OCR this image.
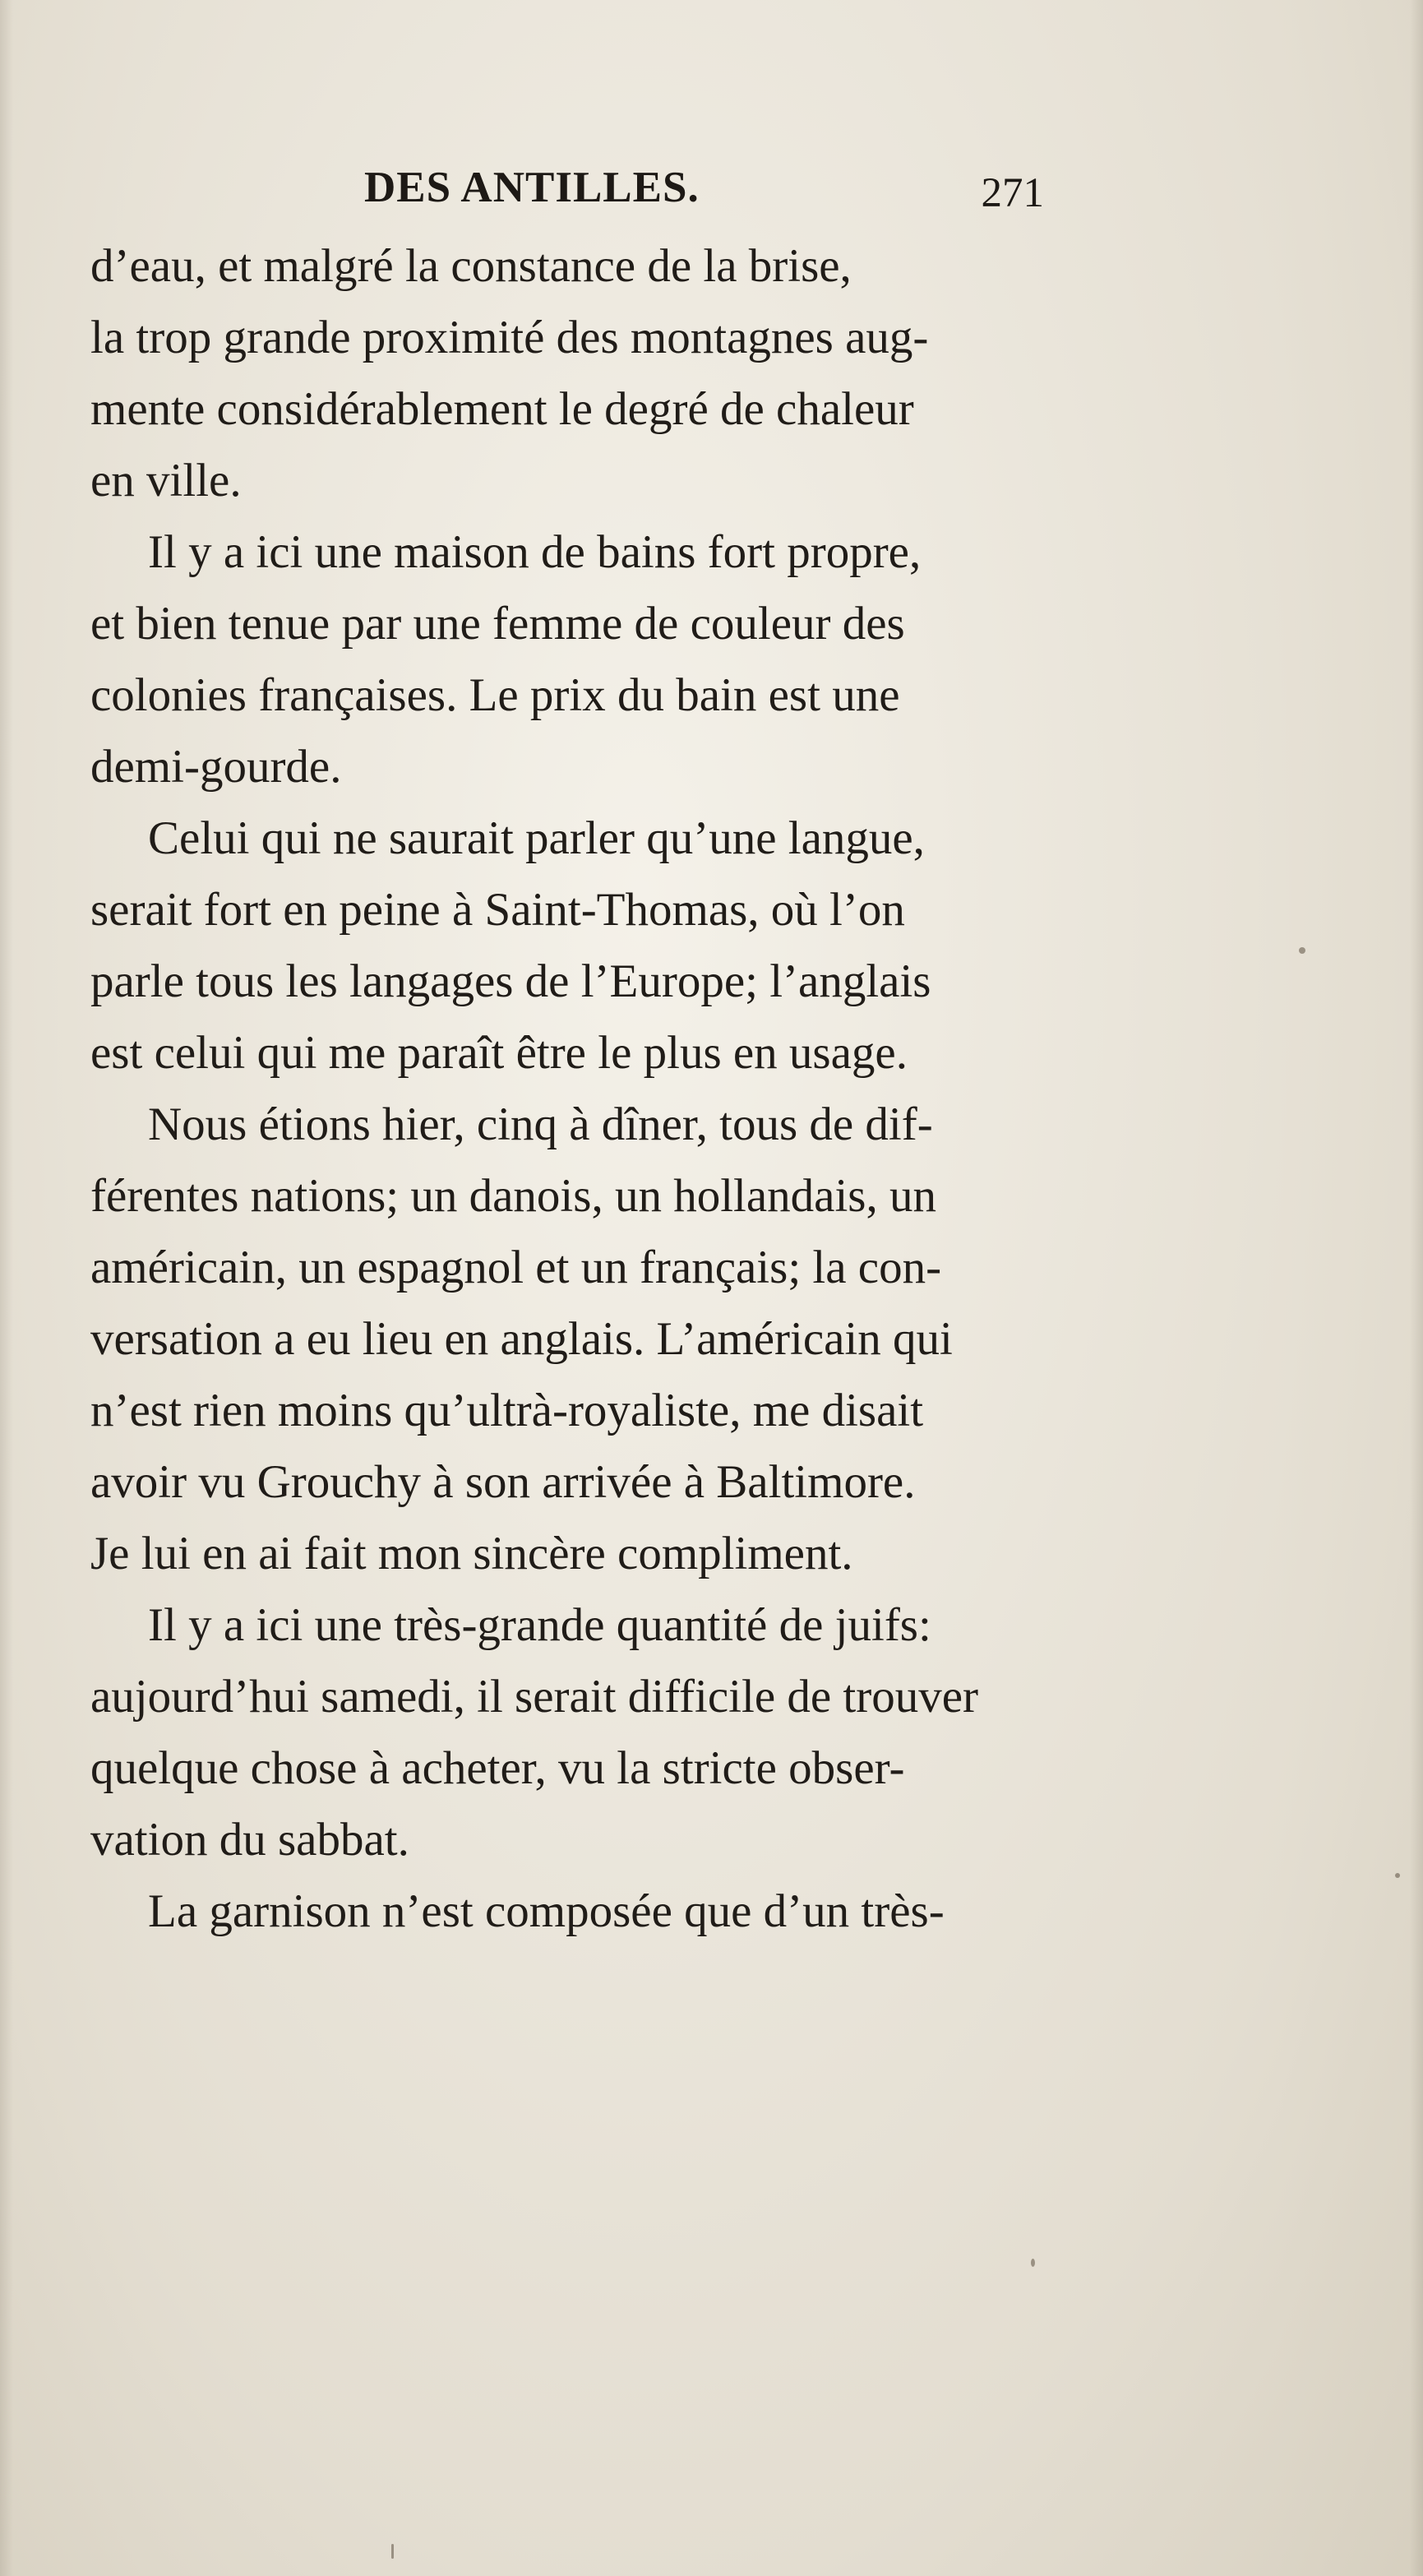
DES ANTILLES.	271
d’eau, et malgré la constance de la brise,
la trop grande proximité des montagnes aug-
mente considérablement le degré de chaleur
en ville.
Il y a ici une maison de bains fort propre,
et bien tenue par une femme de couleur des
colonies françaises. Le prix du bain est une
demi-gourde.
Celui qui ne saurait parler qu’une langue,
serait fort en peine à Saint-Thomas, où l’on
parle tous les langages de l’Europe; l’anglais
est celui qui me paraît être le plus en usage.
Nous étions hier, cinq à dîner, tous de dif-
férentes nations; un danois, un hollandais, un
américain, un espagnol et un français; la con-
versation a eu lieu en anglais. L’américain qui
n’est rien moins qu’ultrà-royaliste, me disait
avoir vu Grouchy à son arrivée à Baltimore.
Je lui en ai fait mon sincère compliment.
Il y a ici une très-grande quantité de juifs:
aujourd’hui samedi, il serait difficile de trouver
quelque chose à acheter, vu la stricte obser-
vation du sabbat.
La garnison n’est composée que d’un très-
